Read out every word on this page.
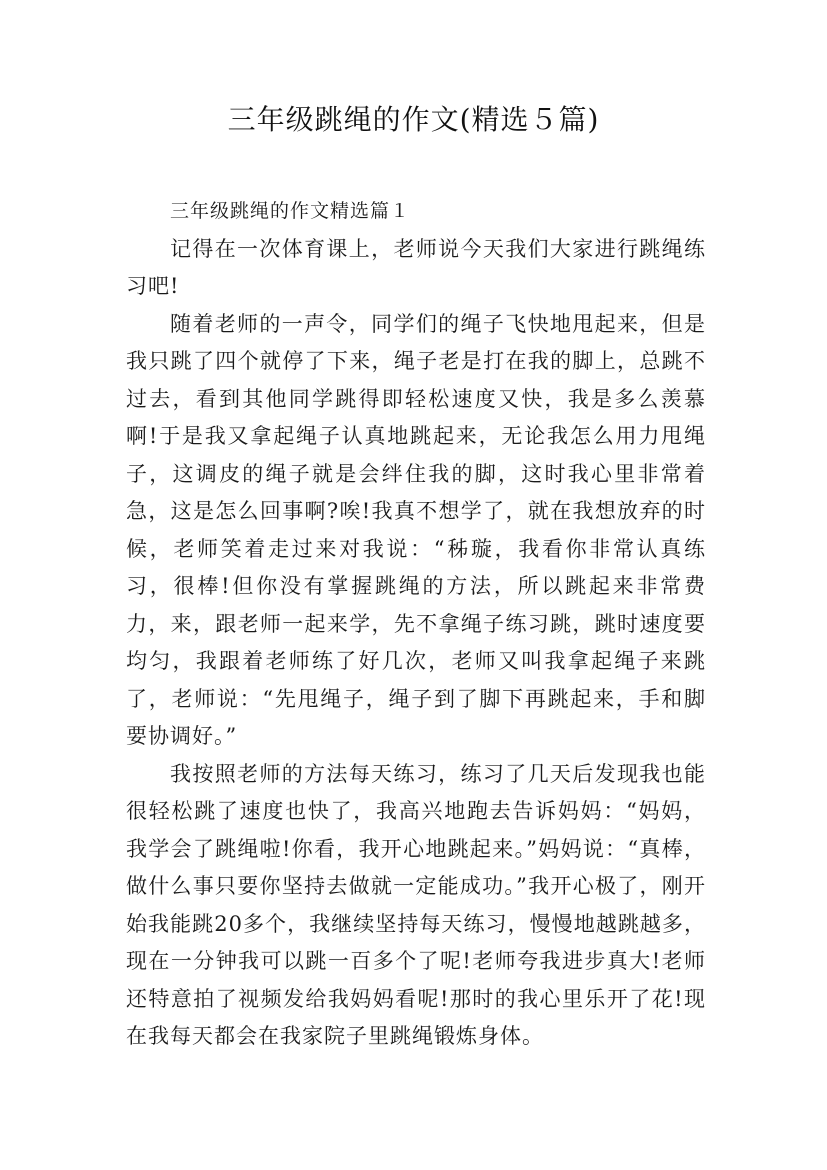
三年级跳绳的作文(精选５篇)

三年级跳绳的作文精选篇１

记得在一次体育课上，老师说今天我们大家进行跳绳练习吧!

随着老师的一声令，同学们的绳子飞快地甩起来，但是我只跳了四个就停了下来，绳子老是打在我的脚上，总跳不过去，看到其他同学跳得即轻松速度又快，我是多么羡慕啊!于是我又拿起绳子认真地跳起来，无论我怎么用力甩绳子，这调皮的绳子就是会绊住我的脚，这时我心里非常着急，这是怎么回事啊?唉!我真不想学了，就在我想放弃的时候，老师笑着走过来对我说：“秭璇，我看你非常认真练习，很棒!但你没有掌握跳绳的方法，所以跳起来非常费力，来，跟老师一起来学，先不拿绳子练习跳，跳时速度要均匀，我跟着老师练了好几次，老师又叫我拿起绳子来跳了，老师说：“先甩绳子，绳子到了脚下再跳起来，手和脚要协调好。”

我按照老师的方法每天练习，练习了几天后发现我也能很轻松跳了速度也快了，我高兴地跑去告诉妈妈：“妈妈，我学会了跳绳啦!你看，我开心地跳起来。”妈妈说：“真棒，做什么事只要你坚持去做就一定能成功。”我开心极了，刚开始我能跳20多个，我继续坚持每天练习，慢慢地越跳越多，现在一分钟我可以跳一百多个了呢!老师夸我进步真大!老师还特意拍了视频发给我妈妈看呢!那时的我心里乐开了花!现在我每天都会在我家院子里跳绳锻炼身体。
